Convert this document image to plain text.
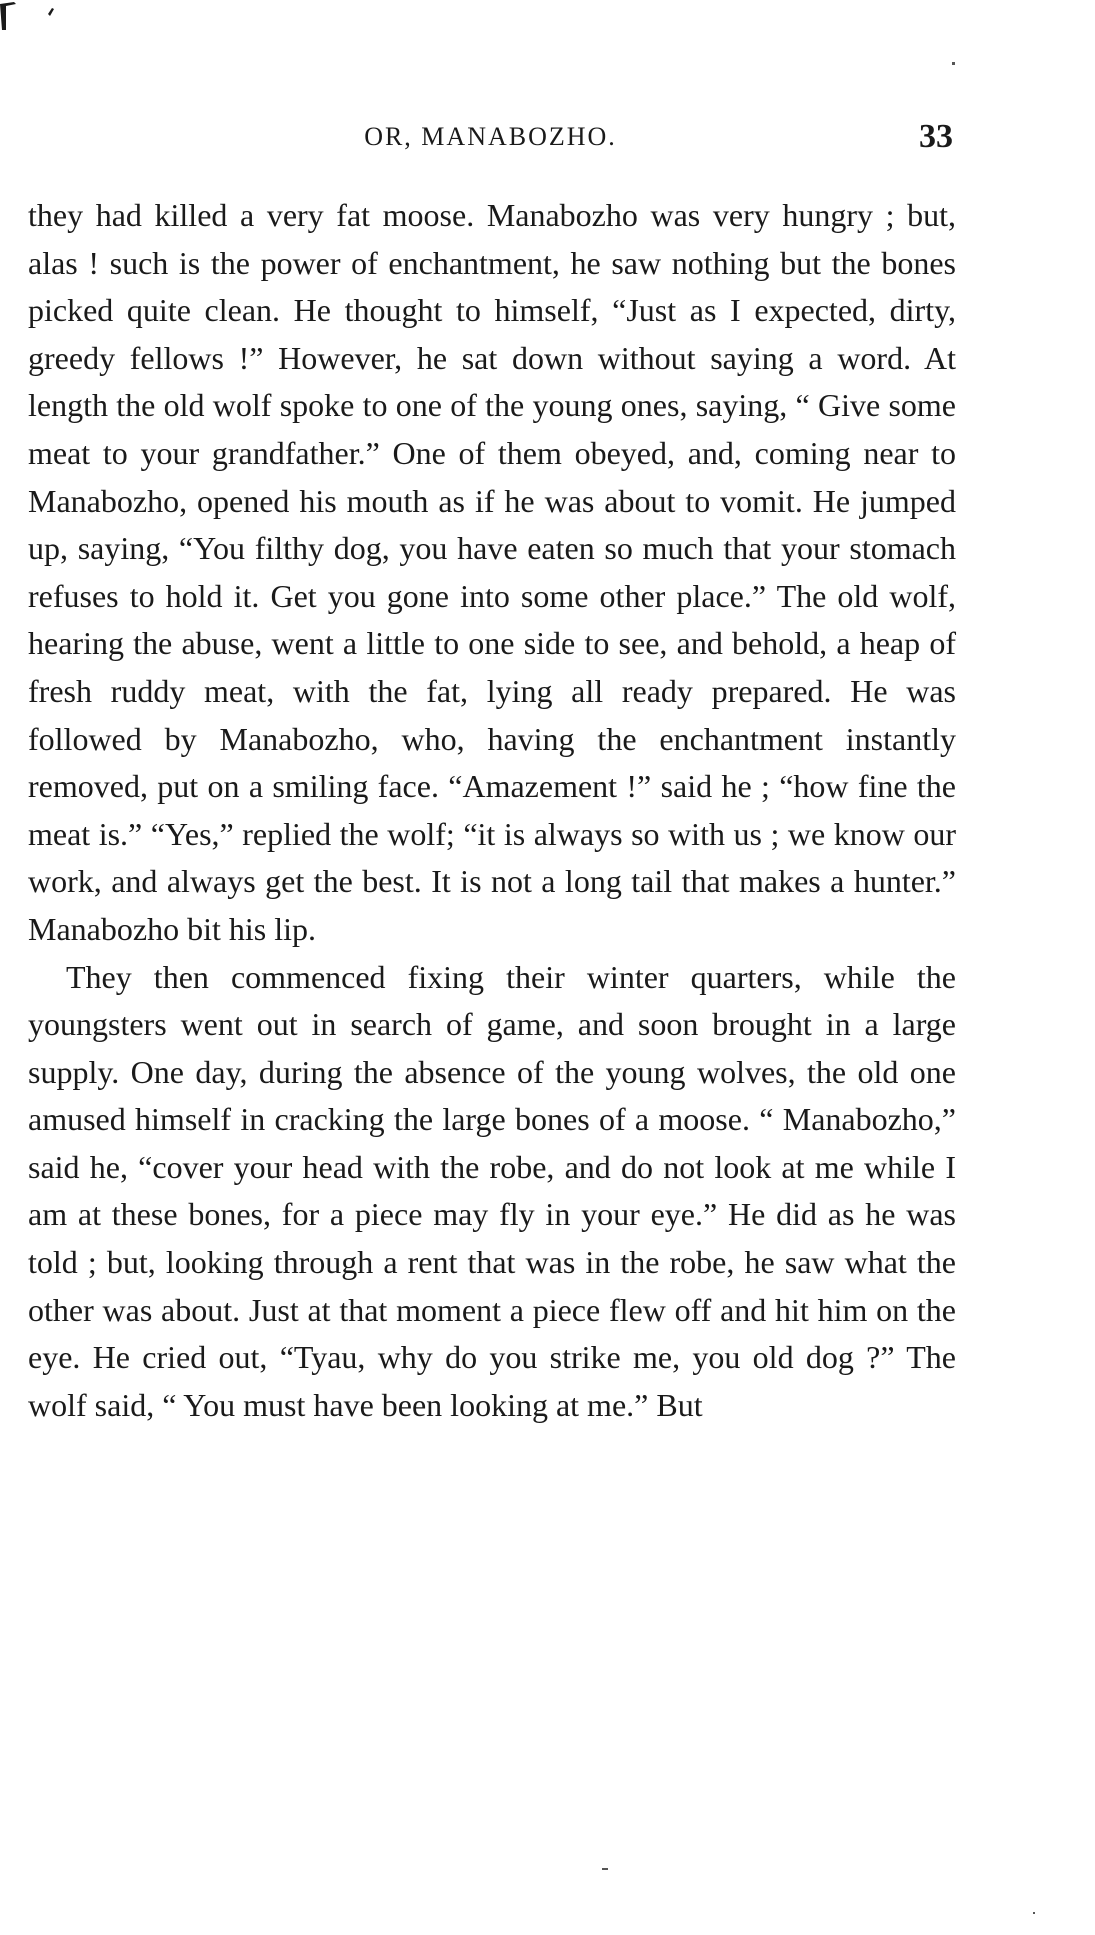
OR, MANABOZHO.	33

they had killed a very fat moose. Manabozho was very hungry ; but, alas ! such is the power of enchantment, he saw nothing but the bones picked quite clean. He thought to himself, “Just as I expected, dirty, greedy fellows !” However, he sat down without saying a word. At length the old wolf spoke to one of the young ones, saying, “ Give some meat to your grandfather.” One of them obeyed, and, coming near to Manabozho, opened his mouth as if he was about to vomit. He jumped up, saying, “You filthy dog, you have eaten so much that your stomach refuses to hold it. Get you gone into some other place.” The old wolf, hearing the abuse, went a little to one side to see, and behold, a heap of fresh ruddy meat, with the fat, lying all ready prepared. He was followed by Manabozho, who, having the enchantment instantly removed, put on a smiling face. “Amazement !” said he ; “how fine the meat is.” “Yes,” replied the wolf; “it is always so with us ; we know our work, and always get the best. It is not a long tail that makes a hunter.” Manabozho bit his lip.

They then commenced fixing their winter quarters, while the youngsters went out in search of game, and soon brought in a large supply. One day, during the absence of the young wolves, the old one amused himself in cracking the large bones of a moose. “ Manabozho,” said he, “cover your head with the robe, and do not look at me while I am at these bones, for a piece may fly in your eye.” He did as he was told ; but, looking through a rent that was in the robe, he saw what the other was about. Just at that moment a piece flew off and hit him on the eye. He cried out, “Tyau, why do you strike me, you old dog ?” The wolf said, “ You must have been looking at me.” But
